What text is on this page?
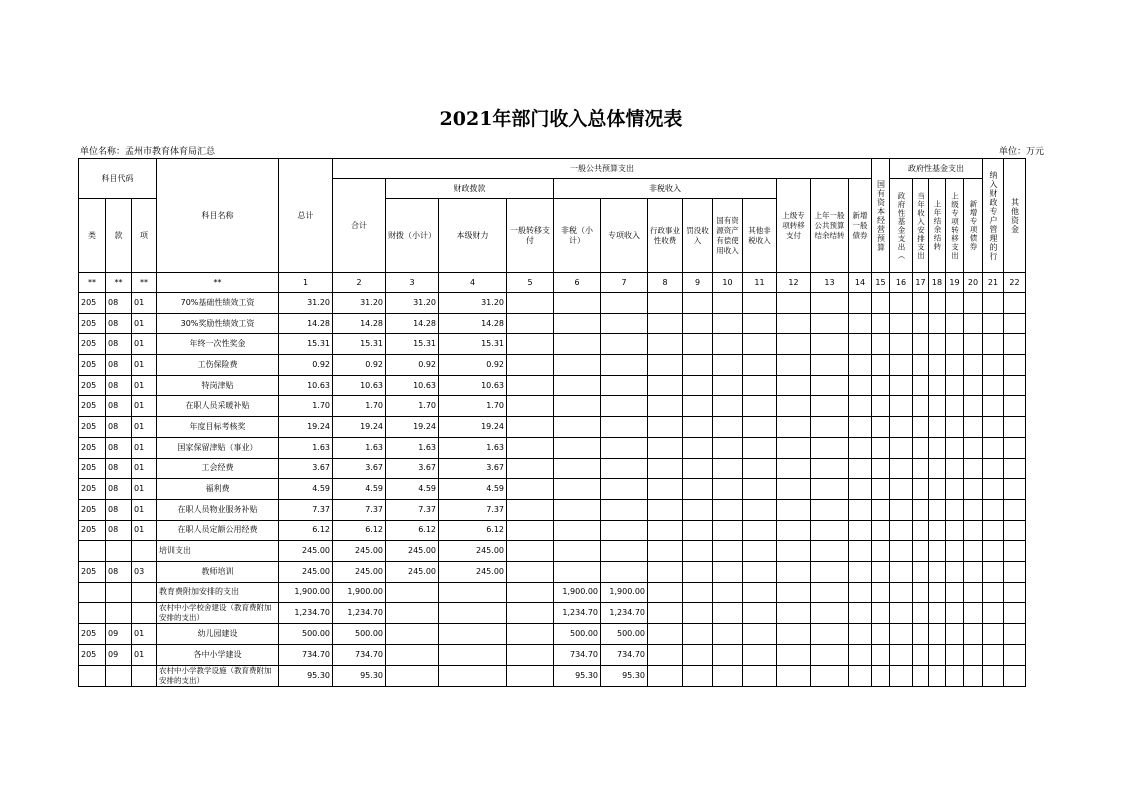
2021年部门收入总体情况表
单位名称：孟州市教育体育局汇总	单位：万元
科目代码			科目名称	总计	一般公共预算支出													国有资本经营预算	政府性基金支出					纳入财政专户管理的行	其他资金
					合计	财政拨款			非税收入						上级专项转移支付	上年一般公共预算结余结转	新增一般债券		政府性基金支出（	当年收入安排支出	上年结余结转	上级专项转移支出	新增专项债券		
类	款	项				财拨（小计）	本级财力	一般转移支付	非税（小计）	专项收入	行政事业性收费	罚没收入	国有资源资产有偿使用收入	其他非税收入											
**	**	**	**	1	2	3	4	5	6	7	8	9	10	11	12	13	14	15	16	17	18	19	20	21	22
205	08	01	70%基础性绩效工资	31.20	31.20	31.20	31.20																		
205	08	01	30%奖励性绩效工资	14.28	14.28	14.28	14.28																		
205	08	01	年终一次性奖金	15.31	15.31	15.31	15.31																		
205	08	01	工伤保险费	0.92	0.92	0.92	0.92																		
205	08	01	特岗津贴	10.63	10.63	10.63	10.63																		
205	08	01	在职人员采暖补贴	1.70	1.70	1.70	1.70																		
205	08	01	年度目标考核奖	19.24	19.24	19.24	19.24																		
205	08	01	国家保留津贴（事业）	1.63	1.63	1.63	1.63																		
205	08	01	工会经费	3.67	3.67	3.67	3.67																		
205	08	01	福利费	4.59	4.59	4.59	4.59																		
205	08	01	在职人员物业服务补贴	7.37	7.37	7.37	7.37																		
205	08	01	在职人员定额公用经费	6.12	6.12	6.12	6.12																		
			培训支出	245.00	245.00	245.00	245.00																		
205	08	03	教师培训	245.00	245.00	245.00	245.00																		
			教育费附加安排的支出	1,900.00	1,900.00				1,900.00	1,900.00															
			农村中小学校舍建设（教育费附加安排的支出）	1,234.70	1,234.70				1,234.70	1,234.70															
205	09	01	幼儿园建设	500.00	500.00				500.00	500.00															
205	09	01	各中小学建设	734.70	734.70				734.70	734.70															
			农村中小学教学设施（教育费附加安排的支出）	95.30	95.30				95.30	95.30															
